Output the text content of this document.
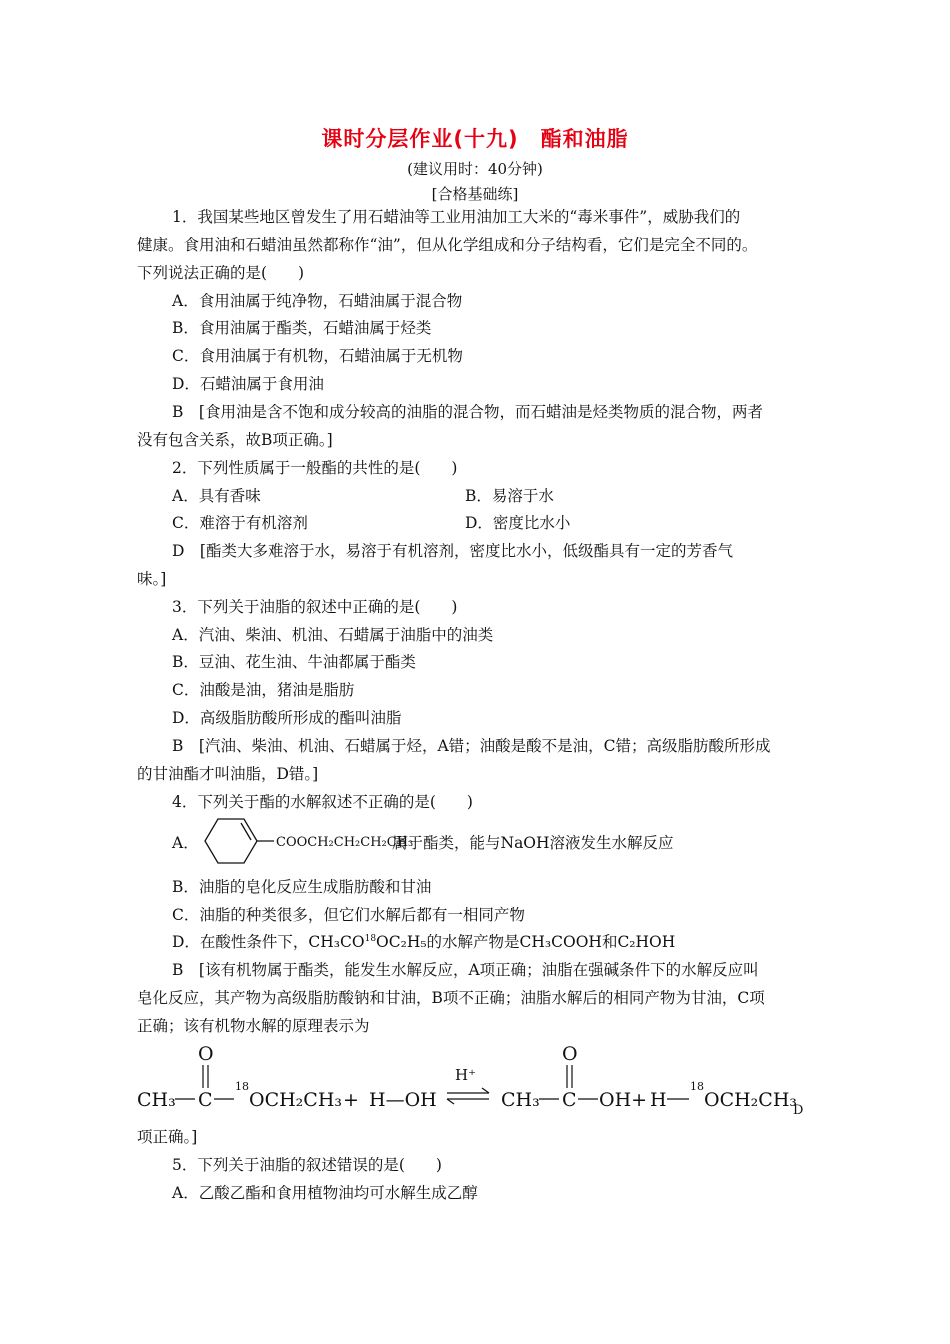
课时分层作业(十九)　酯和油脂
(建议用时：40分钟)
[合格基础练]
1．我国某些地区曾发生了用石蜡油等工业用油加工大米的“毒米事件”，威胁我们的
健康。食用油和石蜡油虽然都称作“油”，但从化学组成和分子结构看，它们是完全不同的。
下列说法正确的是(　　)
A．食用油属于纯净物，石蜡油属于混合物
B．食用油属于酯类，石蜡油属于烃类
C．食用油属于有机物，石蜡油属于无机物
D．石蜡油属于食用油
B　[食用油是含不饱和成分较高的油脂的混合物，而石蜡油是烃类物质的混合物，两者
没有包含关系，故B项正确。]
2．下列性质属于一般酯的共性的是(　　)
A．具有香味	B．易溶于水
C．难溶于有机溶剂	D．密度比水小
D　[酯类大多难溶于水，易溶于有机溶剂，密度比水小，低级酯具有一定的芳香气
味。]
3．下列关于油脂的叙述中正确的是(　　)
A．汽油、柴油、机油、石蜡属于油脂中的油类
B．豆油、花生油、牛油都属于酯类
C．油酸是油，猪油是脂肪
D．高级脂肪酸所形成的酯叫油脂
B　[汽油、柴油、机油、石蜡属于烃，A错；油酸是酸不是油，C错；高级脂肪酸所形成
的甘油酯才叫油脂，D错。]
4．下列关于酯的水解叙述不正确的是(　　)
A．	COOCH₂CH₂CH₂CH₃
属于酯类，能与NaOH溶液发生水解反应
B．油脂的皂化反应生成脂肪酸和甘油
C．油脂的种类很多，但它们水解后都有一相同产物
D．在酸性条件下，CH₃CO$^{18}$OC₂H₅的水解产物是CH₃COOH和C₂HOH
B　[该有机物属于酯类，能发生水解反应，A项正确；油脂在强碱条件下的水解反应叫
皂化反应，其产物为高级脂肪酸钠和甘油，B项不正确；油脂水解后的相同产物为甘油，C项
正确；该有机物水解的原理表示为
CH₃ C
O
18
OCH₂CH₃ + H—OH
H⁺
CH₃ C
O
OH+ H
18
OCH₂CH₃
D
项正确。]
5．下列关于油脂的叙述错误的是(　　)
A．乙酸乙酯和食用植物油均可水解生成乙醇
